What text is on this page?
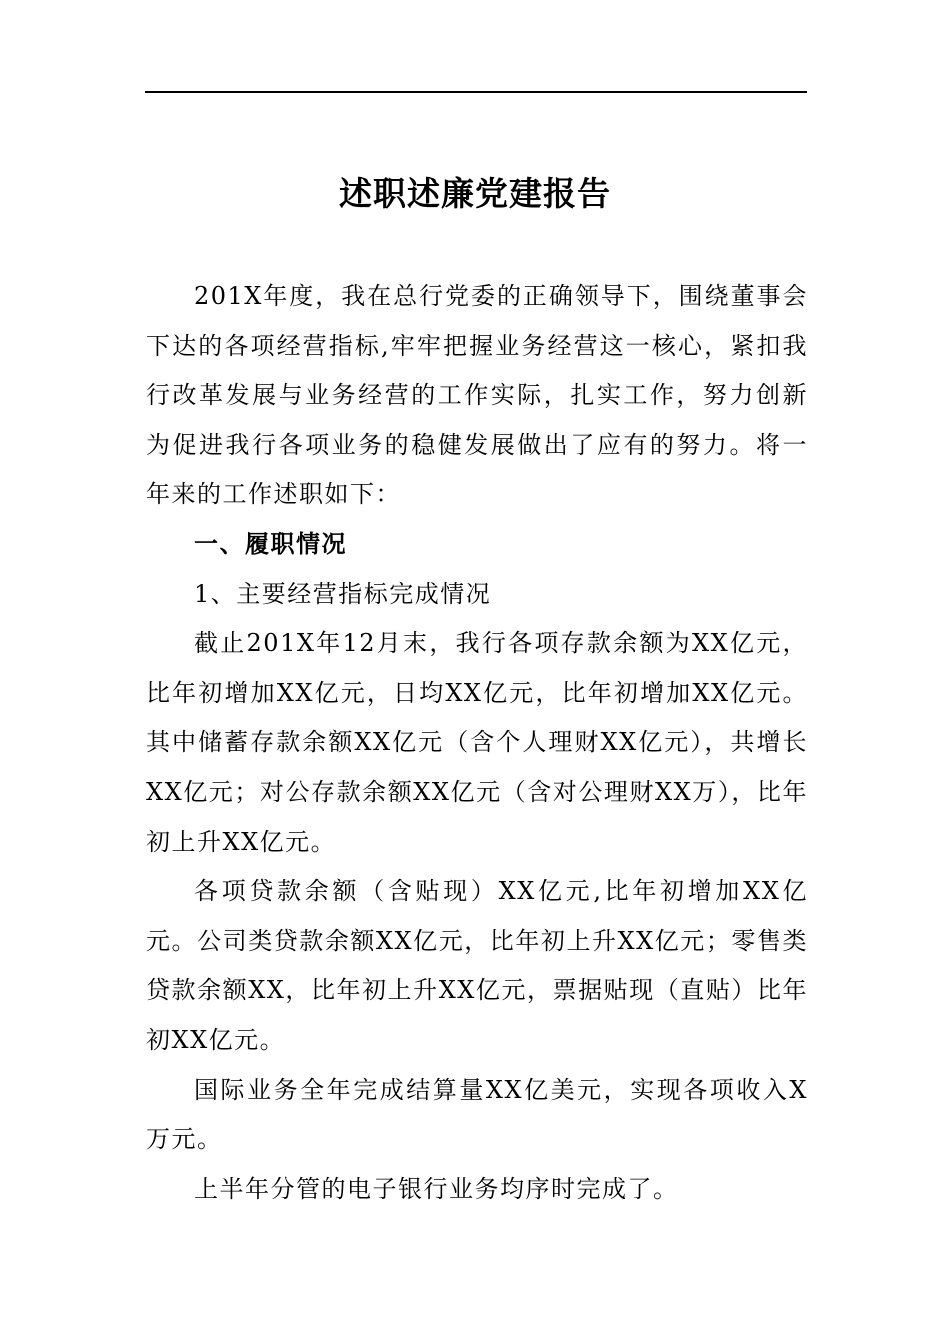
述职述廉党建报告

201X年度，我在总行党委的正确领导下，围绕董事会下达的各项经营指标,牢牢把握业务经营这一核心，紧扣我行改革发展与业务经营的工作实际，扎实工作，努力创新为促进我行各项业务的稳健发展做出了应有的努力。将一年来的工作述职如下：

一、履职情况

1、主要经营指标完成情况

截止201X年12月末，我行各项存款余额为XX亿元，比年初增加XX亿元，日均XX亿元，比年初增加XX亿元。其中储蓄存款余额XX亿元（含个人理财XX亿元），共增长XX亿元；对公存款余额XX亿元（含对公理财XX万），比年初上升XX亿元。

各项贷款余额（含贴现）XX亿元,比年初增加XX亿元。公司类贷款余额XX亿元，比年初上升XX亿元；零售类贷款余额XX，比年初上升XX亿元，票据贴现（直贴）比年初XX亿元。

国际业务全年完成结算量XX亿美元，实现各项收入X万元。

上半年分管的电子银行业务均序时完成了。
